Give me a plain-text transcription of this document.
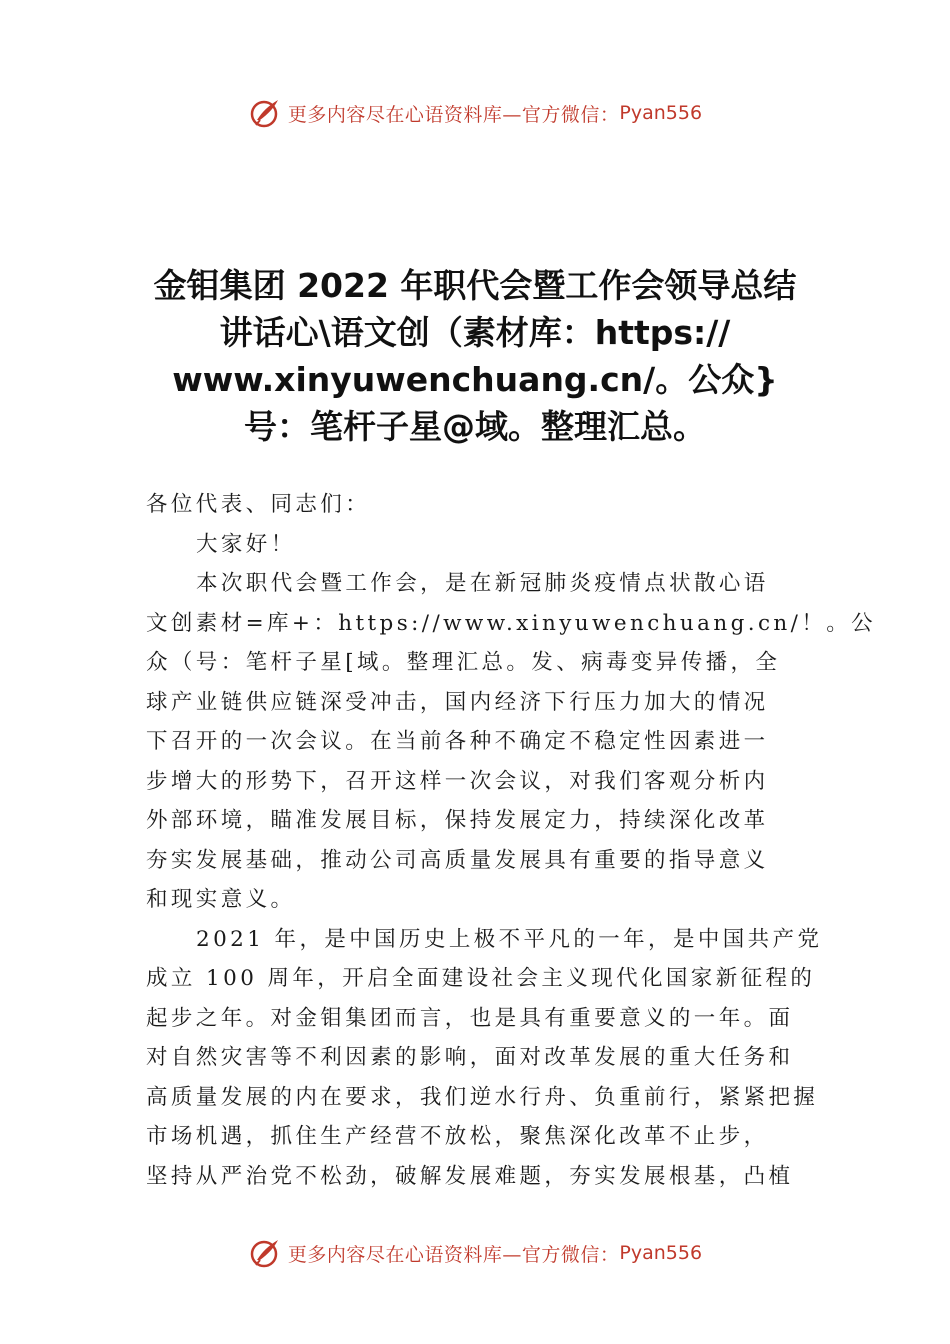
更多内容尽在心语资料库—官方微信： Pyan556
金钼集团 2022 年职代会暨工作会领导总结
讲话心\语文创（素材库：https://
www.xinyuwenchuang.cn/。公众}
号：笔杆子星@域。整理汇总。
各位代表、同志们：
大家好！
本次职代会暨工作会，是在新冠肺炎疫情点状散心语
文创素材=库+：https://www.xinyuwenchuang.cn/！。公
众（号：笔杆子星[域。整理汇总。发、病毒变异传播，全
球产业链供应链深受冲击，国内经济下行压力加大的情况
下召开的一次会议。在当前各种不确定不稳定性因素进一
步增大的形势下，召开这样一次会议，对我们客观分析内
外部环境，瞄准发展目标，保持发展定力，持续深化改革
夯实发展基础，推动公司高质量发展具有重要的指导意义
和现实意义。
2021 年，是中国历史上极不平凡的一年，是中国共产党
成立 100 周年，开启全面建设社会主义现代化国家新征程的
起步之年。对金钼集团而言，也是具有重要意义的一年。面
对自然灾害等不利因素的影响，面对改革发展的重大任务和
高质量发展的内在要求，我们逆水行舟、负重前行，紧紧把握
市场机遇，抓住生产经营不放松，聚焦深化改革不止步，
坚持从严治党不松劲，破解发展难题，夯实发展根基，凸植
更多内容尽在心语资料库—官方微信： Pyan556
